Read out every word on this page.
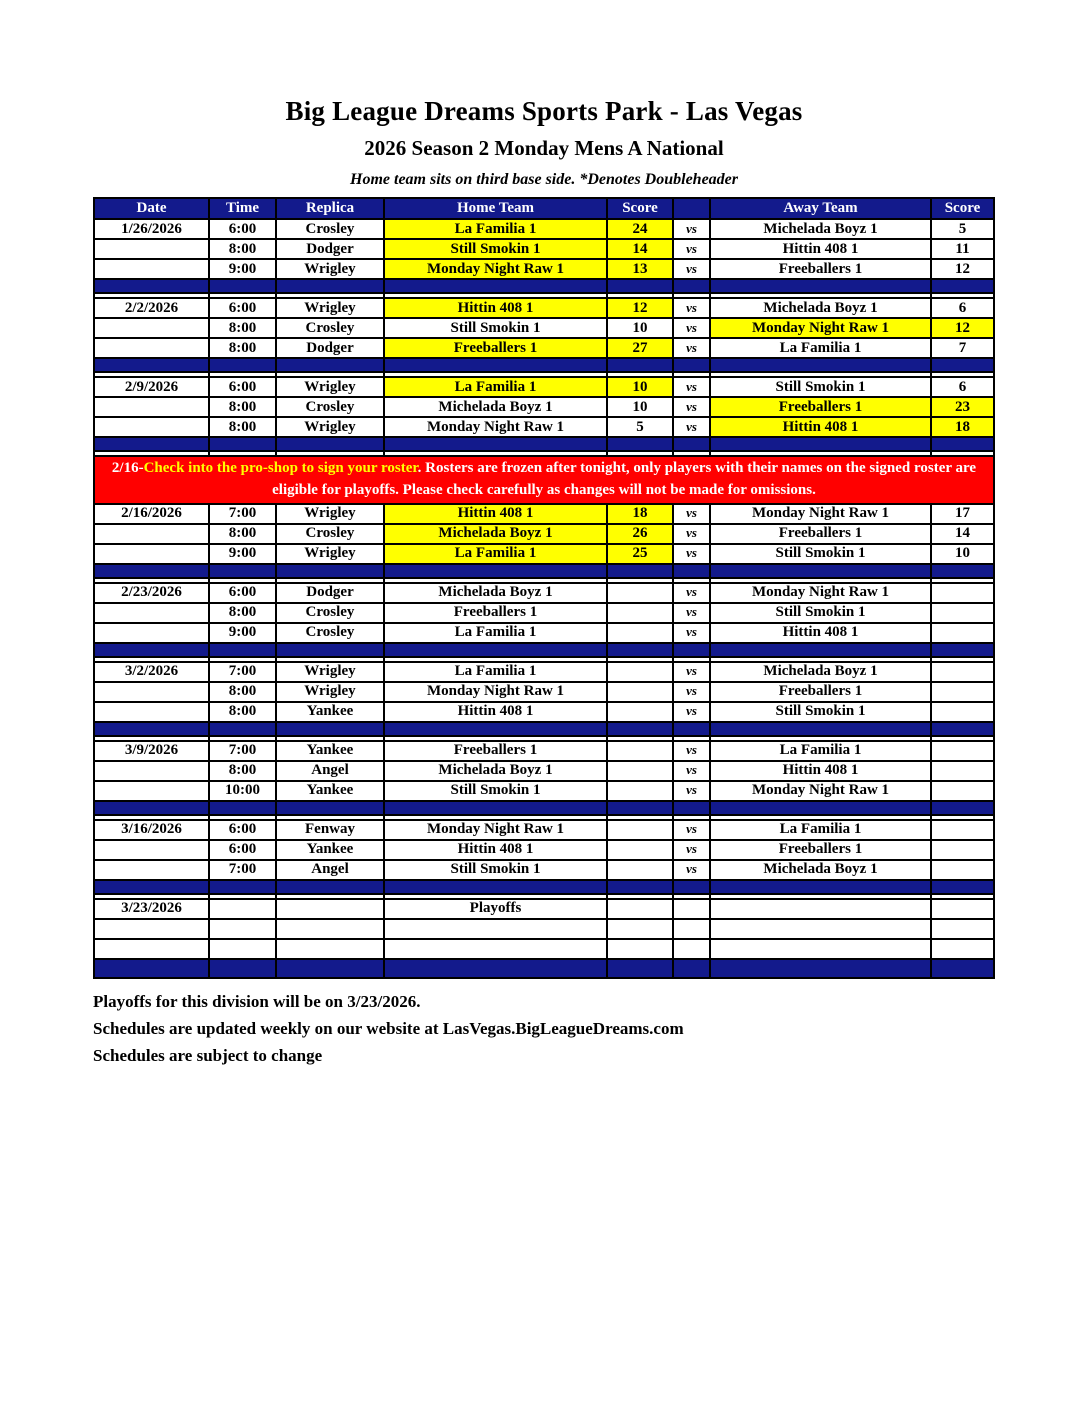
Big League Dreams Sports Park - Las Vegas
2026 Season 2 Monday Mens A National

Home team sits on third base side. *Denotes Doubleheader

Date	Time	Replica	Home Team	Score		Away Team	Score
1/26/2026	6:00	Crosley	La Familia 1	24	vs	Michelada Boyz 1	5
	8:00	Dodger	Still Smokin 1	14	vs	Hittin 408 1	11
	9:00	Wrigley	Monday Night Raw 1	13	vs	Freeballers 1	12

2/2/2026	6:00	Wrigley	Hittin 408 1	12	vs	Michelada Boyz 1	6
	8:00	Crosley	Still Smokin 1	10	vs	Monday Night Raw 1	12
	8:00	Dodger	Freeballers 1	27	vs	La Familia 1	7

2/9/2026	6:00	Wrigley	La Familia 1	10	vs	Still Smokin 1	6
	8:00	Crosley	Michelada Boyz 1	10	vs	Freeballers 1	23
	8:00	Wrigley	Monday Night Raw 1	5	vs	Hittin 408 1	18

2/16-Check into the pro-shop to sign your roster. Rosters are frozen after tonight, only players with their names on the signed roster are eligible for playoffs. Please check carefully as changes will not be made for omissions.							
2/16/2026	7:00	Wrigley	Hittin 408 1	18	vs	Monday Night Raw 1	17
	8:00	Crosley	Michelada Boyz 1	26	vs	Freeballers 1	14
	9:00	Wrigley	La Familia 1	25	vs	Still Smokin 1	10

2/23/2026	6:00	Dodger	Michelada Boyz 1		vs	Monday Night Raw 1	
	8:00	Crosley	Freeballers 1		vs	Still Smokin 1	
	9:00	Crosley	La Familia 1		vs	Hittin 408 1	

3/2/2026	7:00	Wrigley	La Familia 1		vs	Michelada Boyz 1	
	8:00	Wrigley	Monday Night Raw 1		vs	Freeballers 1	
	8:00	Yankee	Hittin 408 1		vs	Still Smokin 1	

3/9/2026	7:00	Yankee	Freeballers 1		vs	La Familia 1	
	8:00	Angel	Michelada Boyz 1		vs	Hittin 408 1	
	10:00	Yankee	Still Smokin 1		vs	Monday Night Raw 1	

3/16/2026	6:00	Fenway	Monday Night Raw 1		vs	La Familia 1	
	6:00	Yankee	Hittin 408 1		vs	Freeballers 1	
	7:00	Angel	Still Smokin 1		vs	Michelada Boyz 1	

3/23/2026			Playoffs				

Playoffs for this division will be on 3/23/2026.

Schedules are updated weekly on our website at LasVegas.BigLeagueDreams.com

Schedules are subject to change
